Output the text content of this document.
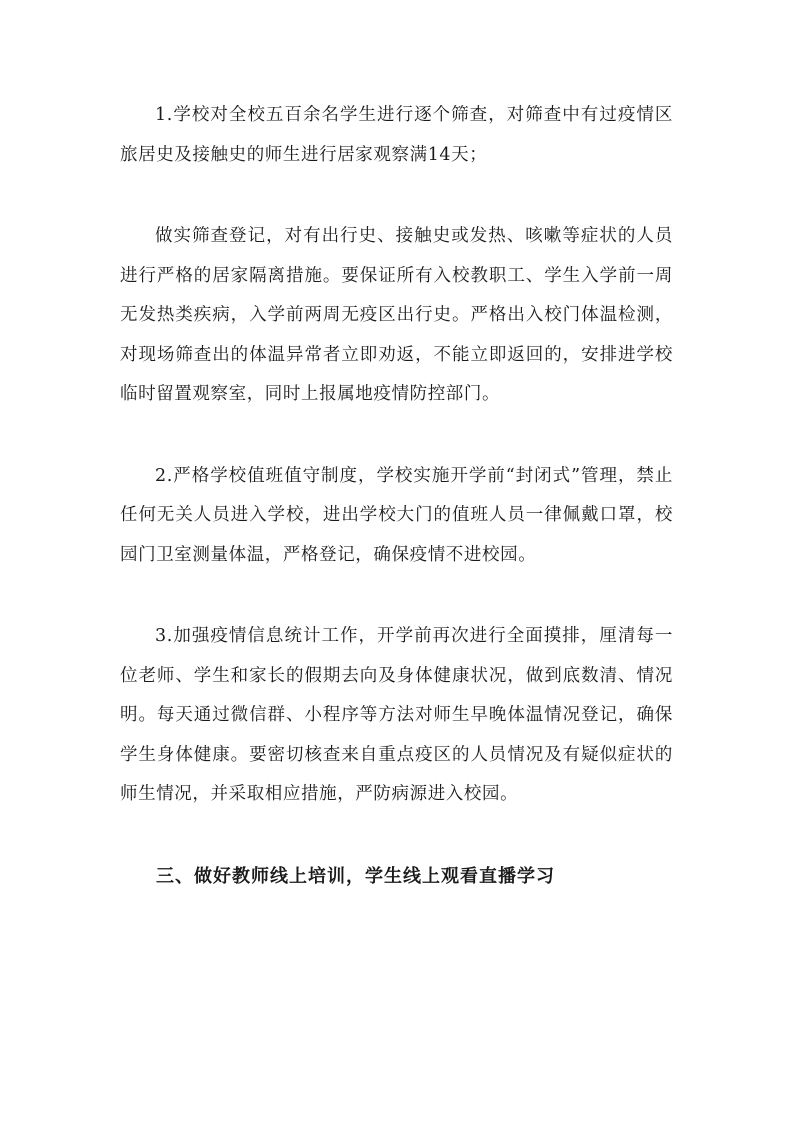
1.学校对全校五百余名学生进行逐个筛查，对筛查中有过疫情区旅居史及接触史的师生进行居家观察满14天；

做实筛查登记，对有出行史、接触史或发热、咳嗽等症状的人员进行严格的居家隔离措施。要保证所有入校教职工、学生入学前一周无发热类疾病，入学前两周无疫区出行史。严格出入校门体温检测，对现场筛查出的体温异常者立即劝返，不能立即返回的，安排进学校临时留置观察室，同时上报属地疫情防控部门。

2.严格学校值班值守制度，学校实施开学前“封闭式”管理，禁止任何无关人员进入学校，进出学校大门的值班人员一律佩戴口罩，校园门卫室测量体温，严格登记，确保疫情不进校园。

3.加强疫情信息统计工作，开学前再次进行全面摸排，厘清每一位老师、学生和家长的假期去向及身体健康状况，做到底数清、情况明。每天通过微信群、小程序等方法对师生早晚体温情况登记，确保学生身体健康。要密切核查来自重点疫区的人员情况及有疑似症状的师生情况，并采取相应措施，严防病源进入校园。

三、做好教师线上培训，学生线上观看直播学习
